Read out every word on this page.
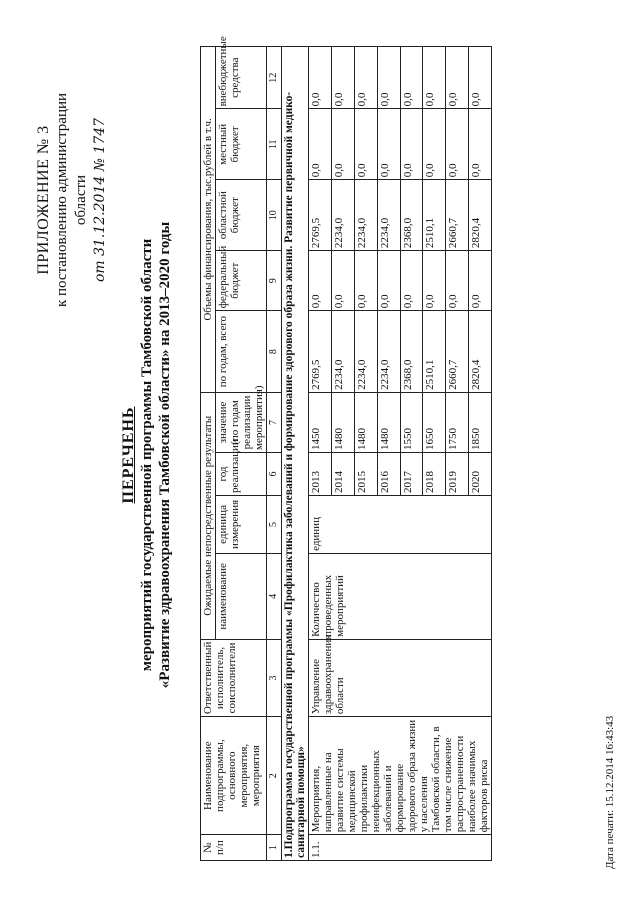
ПРИЛОЖЕНИЕ № 3 к постановлению администрации области от 31.12.2014 № 1747
ПЕРЕЧЕНЬ мероприятий государственной программы Тамбовской области «Развитие здравоохранения Тамбовской области» на 2013–2020 годы
№ п/п	Наименование подпрограммы, основного мероприятия, мероприятия	Ответственный исполнитель, соисполнители	Ожидаемые непосредственные результаты				Объемы финансирования, тыс.рублей в т.ч.				
			наименование	единица измерения	год реализации	значение (по годам реализации мероприятия)	по годам, всего	федеральный бюджет	областной бюджет	местный бюджет	внебюджетные средства
1	2	3	4	5	6	7	8	9	10	11	12
1.Подпрограмма государственной программы «Профилактика заболеваний и формирование здорового образа жизни. Развитие первичной медико-санитарной помощи»											
1.1.	Мероприятия, направленные на развитие системы медицинской профилактики неинфекционных заболеваний и формирование здорового образа жизни у населения Тамбовской области, в том числе снижение распространенности наиболее значимых факторов риска	Управление здравоохранения области	Количество проведенных мероприятий	единиц	2013	1450	2769,5	0,0	2769,5	0,0	0,0
					2014	1480	2234,0	0,0	2234,0	0,0	0,0
					2015	1480	2234,0	0,0	2234,0	0,0	0,0
					2016	1480	2234,0	0,0	2234,0	0,0	0,0
					2017	1550	2368,0	0,0	2368,0	0,0	0,0
					2018	1650	2510,1	0,0	2510,1	0,0	0,0
					2019	1750	2660,7	0,0	2660,7	0,0	0,0
					2020	1850	2820,4	0,0	2820,4	0,0	0,0
Дата печати: 15.12.2014 16:43:43
